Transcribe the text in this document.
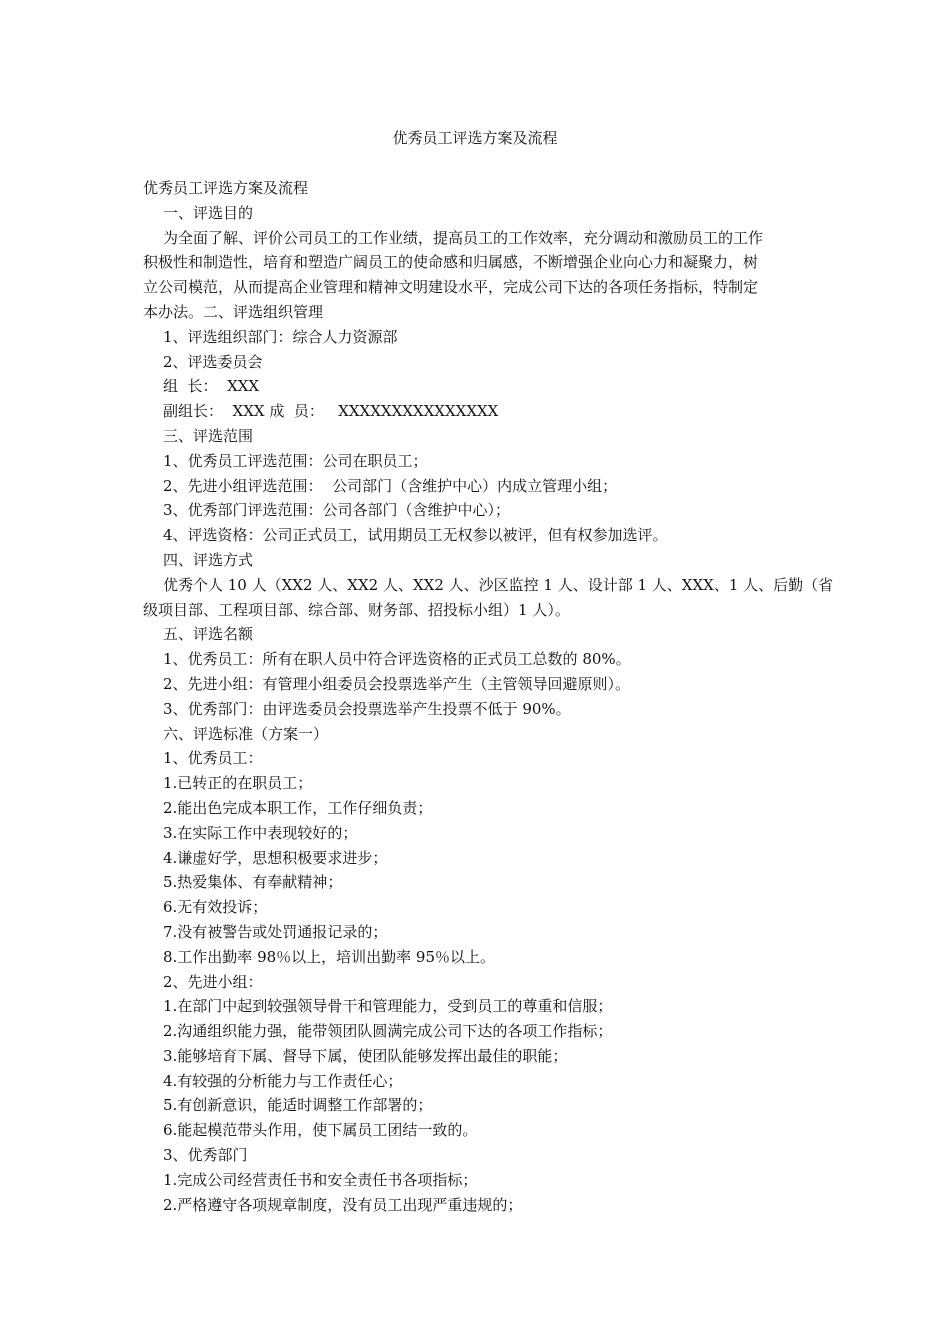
优秀员工评选方案及流程
优秀员工评选方案及流程
一、评选目的
为全面了解、评价公司员工的工作业绩，提高员工的工作效率，充分调动和激励员工的工作
积极性和制造性，培育和塑造广阔员工的使命感和归属感，不断增强企业向心力和凝聚力，树
立公司模范，从而提高企业管理和精神文明建设水平，完成公司下达的各项任务指标，特制定
本办法。二、评选组织管理
1、评选组织部门：综合人力资源部
2、评选委员会
组  长：  XXX
副组长：  XXX 成  员：   XXXXXXXXXXXXXXX
三、评选范围
1、优秀员工评选范围：公司在职员工；
2、先进小组评选范围：  公司部门（含维护中心）内成立管理小组；
3、优秀部门评选范围：公司各部门（含维护中心）；
4、评选资格：公司正式员工，试用期员工无权参以被评，但有权参加选评。
四、评选方式
优秀个人 10 人（XX2 人、XX2 人、XX2 人、沙区监控 1 人、设计部 1 人、XXX、1 人、后勤（省
级项目部、工程项目部、综合部、财务部、招投标小组）1 人）。
五、评选名额
1、优秀员工：所有在职人员中符合评选资格的正式员工总数的 80%。
2、先进小组：有管理小组委员会投票选举产生（主管领导回避原则）。
3、优秀部门：由评选委员会投票选举产生投票不低于 90%。
六、评选标准（方案一）
1、优秀员工：
1.已转正的在职员工；
2.能出色完成本职工作，工作仔细负责；
3.在实际工作中表现较好的；
4.谦虚好学，思想积极要求进步；
5.热爱集体、有奉献精神；
6.无有效投诉；
7.没有被警告或处罚通报记录的；
8.工作出勤率 98％以上，培训出勤率 95％以上。
2、先进小组：
1.在部门中起到较强领导骨干和管理能力，受到员工的尊重和信服；
2.沟通组织能力强，能带领团队圆满完成公司下达的各项工作指标；
3.能够培育下属、督导下属，使团队能够发挥出最佳的职能；
4.有较强的分析能力与工作责任心；
5.有创新意识，能适时调整工作部署的；
6.能起模范带头作用，使下属员工团结一致的。
3、优秀部门
1.完成公司经营责任书和安全责任书各项指标；
2.严格遵守各项规章制度，没有员工出现严重违规的；
